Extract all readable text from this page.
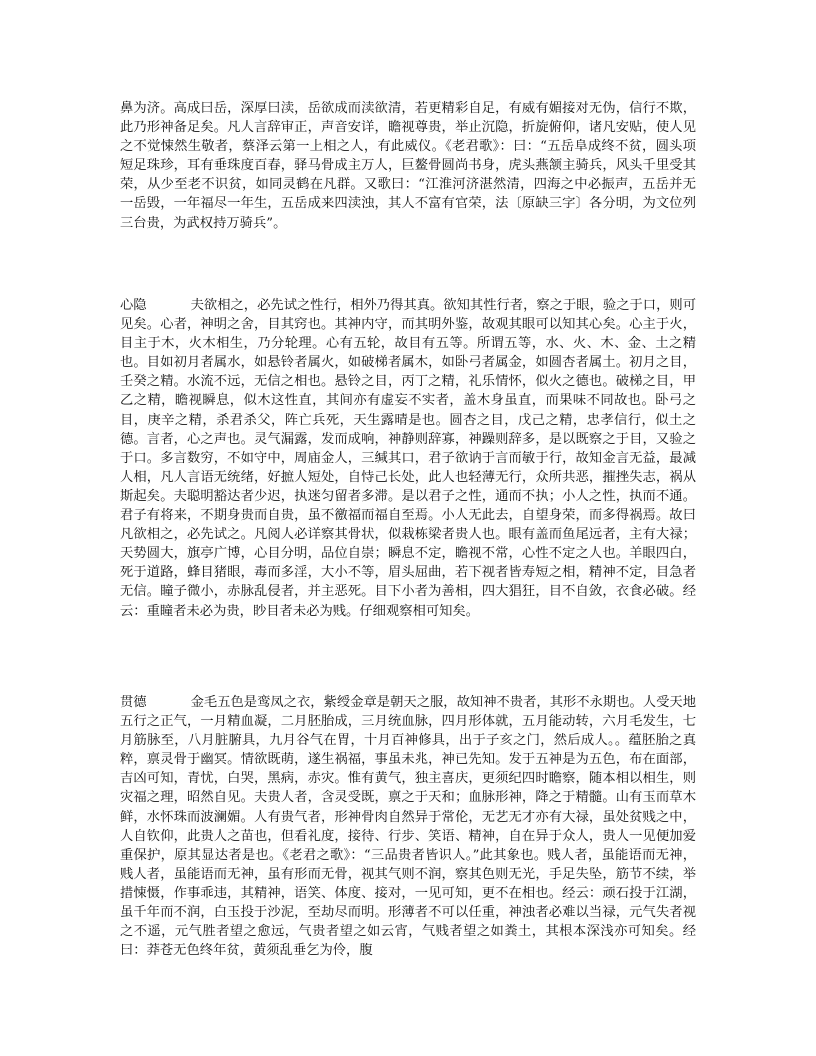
鼻为济。高成曰岳，深厚曰渎，岳欲成而渎欲清，若更精彩自足，有威有媚接对无伪，信行不欺，此乃形神备足矣。凡人言辞审正，声音安详，瞻视尊贵，举止沉隐，折旋俯仰，诸凡安贴，使人见之不觉悚然生敬者，蔡泽云第一上相之人，有此威仪。《老君歌》：曰：“五岳阜成终不贫，圆头项短足珠珍，耳有垂珠度百春，驿马骨成主万人，巨鳌骨圆尚书身，虎头燕颔主骑兵，风头千里受其荣，从少至老不识贫，如同灵鹤在凡群。又歌曰：“江淮河济湛然清，四海之中必振声，五岳并无一岳毁，一年福尽一年生，五岳成来四渎浊，其人不富有官荣，法〔原缺三字〕各分明，为文位列三台贵，为武权持万骑兵”。

心隐	夫欲相之，必先试之性行，相外乃得其真。欲知其性行者，察之于眼，验之于口，则可见矣。心者，神明之舍，目其窍也。其神内守，而其明外鉴，故观其眼可以知其心矣。心主于火，目主于木，火木相生，乃分轮理。心有五轮，故目有五等。所谓五等，水、火、木、金、土之精也。目如初月者属水，如悬铃者属火，如破梯者属木，如卧弓者属金，如圆杏者属土。初月之目，壬癸之精。水流不远，无信之相也。悬铃之目，丙丁之精，礼乐情怀，似火之德也。破梯之目，甲乙之精，瞻视瞬息，似木这性直，其间亦有虚妄不实者，盖木身虽直，而果味不同故也。卧弓之目，庚辛之精，杀君杀父，阵亡兵死，天生露晴是也。圆杏之目，戊己之精，忠孝信行，似土之德。言者，心之声也。灵气漏露，发而成响，神静则辞寡，神躁则辞多，是以既察之于目，又验之于口。多言数穷，不如守中，周庙金人，三缄其口，君子欲讷于言而敏于行，故知金言无益，最减人相，凡人言语无统绪，好摭人短处，自恃己长处，此人也轻薄无行，众所共恶，摧挫失志，祸从斯起矣。夫聪明豁达者少迟，执迷匀留者多滞。是以君子之性，通而不执；小人之性，执而不通。君子有将来，不期身贵而自贵，虽不徼福而福自至焉。小人无此去，自望身荣，而多得祸焉。故曰凡欲相之，必先试之。凡阅人必详察其骨状，似栽栋梁者贵人也。眼有盖而鱼尾远者，主有大禄；天势圆大，旗亭广博，心目分明，品位自崇；瞬息不定，瞻视不常，心性不定之人也。羊眼四白，死于道路，蜂目猪眼，毒而多淫，大小不等，眉头屈曲，若下视者皆寿短之相，精神不定，目急者无信。瞳子微小，赤脉乱侵者，并主恶死。目下小者为善相，四大猖狂，目不自敛，衣食必破。经云：重瞳者未必为贵，眇目者未必为贱。仔细观察相可知矣。

贯德	金毛五色是鸾凤之衣，紫绶金章是朝天之服，故知神不贵者，其形不永期也。人受天地五行之正气，一月精血凝，二月胚胎成，三月统血脉，四月形体就，五月能动转，六月毛发生，七月筋脉至，八月脏腑具，九月谷气在胃，十月百神修具，出于子亥之门，然后成人。。蕴胚胎之真粹，禀灵骨于幽冥。情欲既萌，遂生祸福，事虽未兆，神已先知。发于五神是为五色，布在面部，吉凶可知，青忧，白哭，黑病，赤灾。惟有黄气，独主喜庆，更须纪四时瞻察，随本相以相生，则灾福之理，昭然自见。夫贵人者，含灵受既，禀之于天和；血脉形神，降之于精髓。山有玉而草木鲜，水怀珠而波澜媚。人有贵气者，形神骨肉自然异于常伦，无艺无才亦有大禄，虽处贫贱之中，人自钦仰，此贵人之苗也，但看礼度，接待、行步、笑语、精神，自在异于众人，贵人一见便加爱重保护，原其显达者是也。《老君之歌》：“三品贵者皆识人。”此其象也。贱人者，虽能语而无神，贱人者，虽能语而无神，虽有形而无骨，视其气则不润，察其色则无光，手足失坠，筋节不续，举措悚慑，作事乖违，其精神，语笑、体度、接对，一见可知，更不在相也。经云：顽石投于江湖，虽千年而不润，白玉投于沙泥，至劫尽而明。形薄者不可以任重，神浊者必难以当禄，元气失者视之不遥，元气胜者望之愈远，气贵者望之如云宵，气贱者望之如粪土，其根本深浅亦可知矣。经曰：莽苍无色终年贫，黄须乱垂乞为伶，腹
